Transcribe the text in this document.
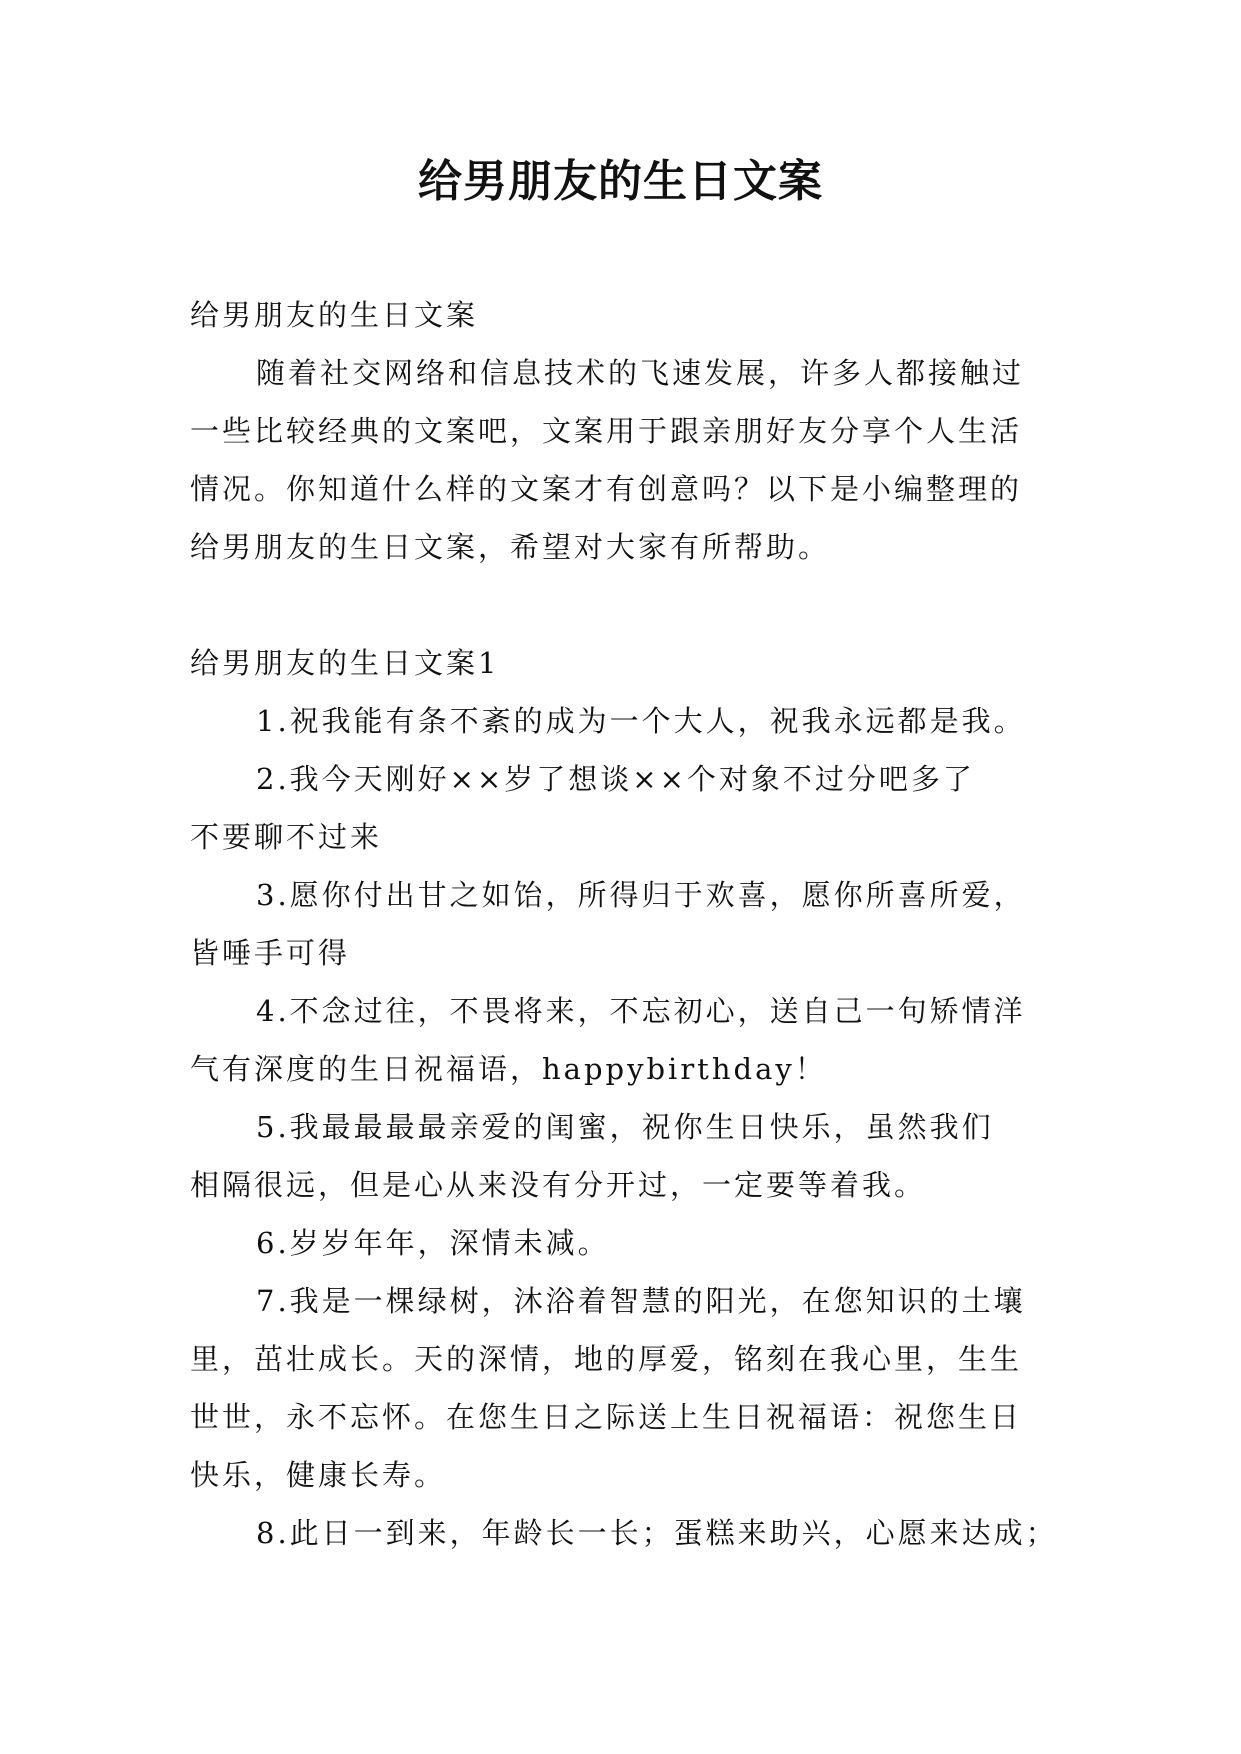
给男朋友的生日文案
给男朋友的生日文案
随着社交网络和信息技术的飞速发展，许多人都接触过
一些比较经典的文案吧，文案用于跟亲朋好友分享个人生活
情况。你知道什么样的文案才有创意吗？以下是小编整理的
给男朋友的生日文案，希望对大家有所帮助。
给男朋友的生日文案1
1.祝我能有条不紊的成为一个大人，祝我永远都是我。
2.我今天刚好××岁了想谈××个对象不过分吧多了
不要聊不过来
3.愿你付出甘之如饴，所得归于欢喜，愿你所喜所爱，
皆唾手可得
4.不念过往，不畏将来，不忘初心，送自己一句矫情洋
气有深度的生日祝福语，happybirthday！
5.我最最最最亲爱的闺蜜，祝你生日快乐，虽然我们
相隔很远，但是心从来没有分开过，一定要等着我。
6.岁岁年年，深情未减。
7.我是一棵绿树，沐浴着智慧的阳光，在您知识的土壤
里，茁壮成长。天的深情，地的厚爱，铭刻在我心里，生生
世世，永不忘怀。在您生日之际送上生日祝福语：祝您生日
快乐，健康长寿。
8.此日一到来，年龄长一长；蛋糕来助兴，心愿来达成；
